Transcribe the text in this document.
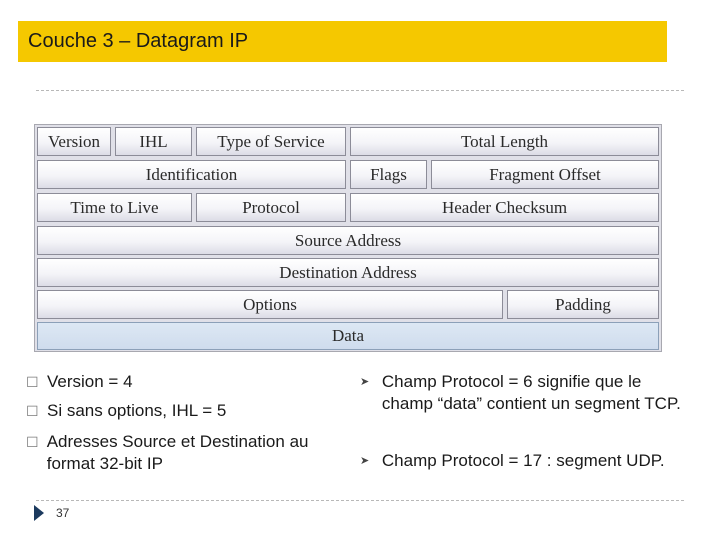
Couche 3 – Datagram IP
Version	IHL	Type of Service	Total Length
Identification	Flags	Fragment Offset
Time to Live	Protocol	Header Checksum
Source Address
Destination Address
Options	Padding
Data
☐ Version = 4
☐ Si sans options, IHL = 5
☐ Adresses Source et Destination au format 32-bit IP
➤ Champ Protocol = 6 signifie que le champ “data” contient un segment TCP.
➤ Champ Protocol = 17 : segment UDP.
37
